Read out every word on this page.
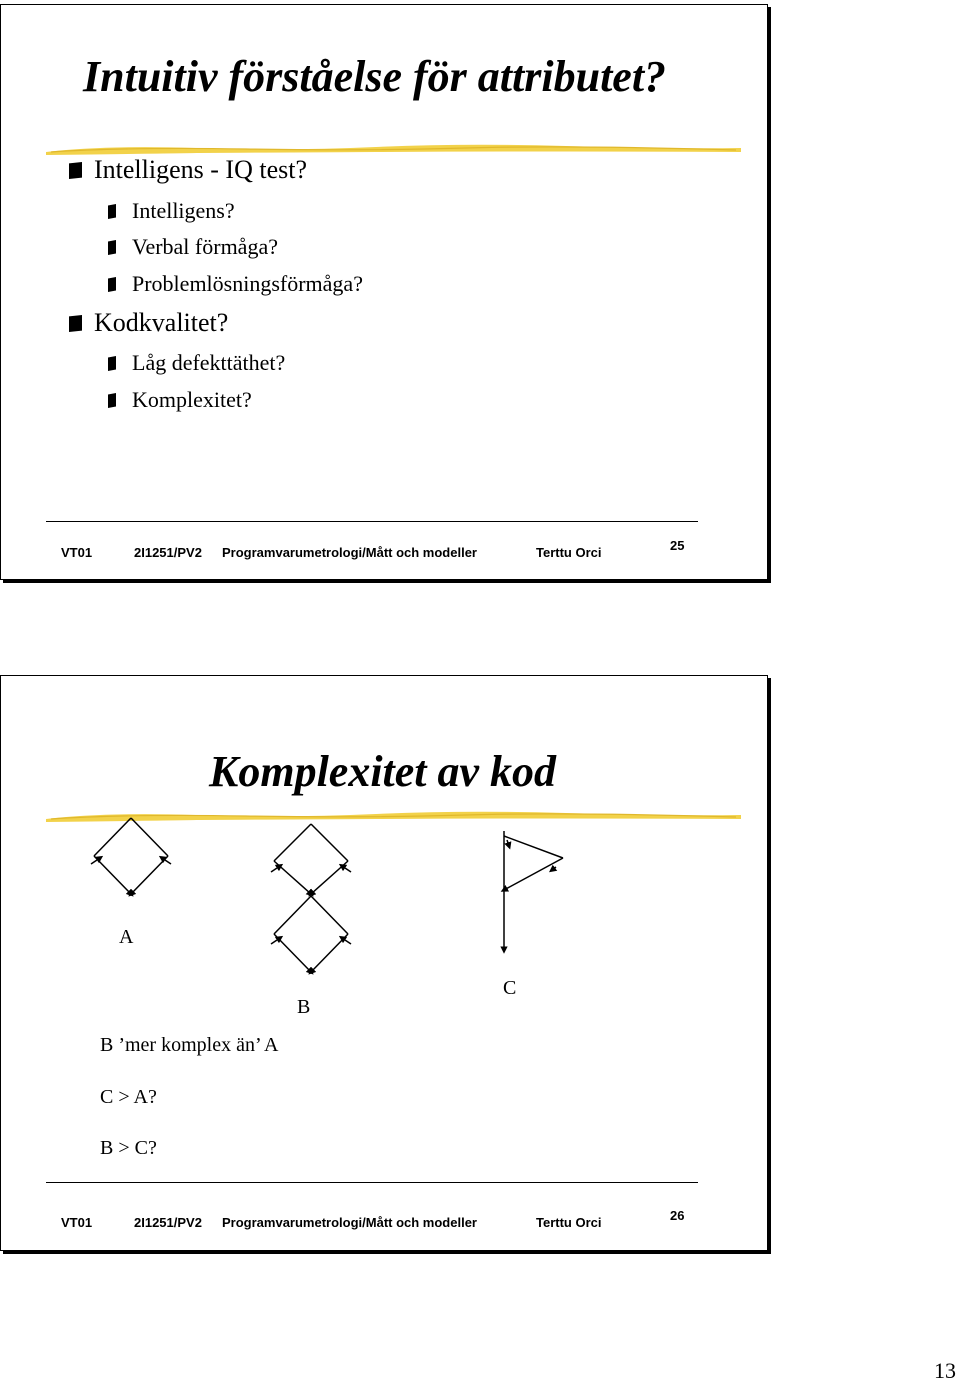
Intuitiv förståelse för attributet?
Intelligens - IQ test?
Intelligens?
Verbal förmåga?
Problemlösningsförmåga?
Kodkvalitet?
Låg defekttäthet?
Komplexitet?
VT01	2I1251/PV2 Programvarumetrologi/Mått och modeller	Terttu Orci	25
Komplexitet av kod
A
B
C
B ’mer komplex än’ A
C > A?
B > C?
VT01	2I1251/PV2 Programvarumetrologi/Mått och modeller	Terttu Orci	26
13
